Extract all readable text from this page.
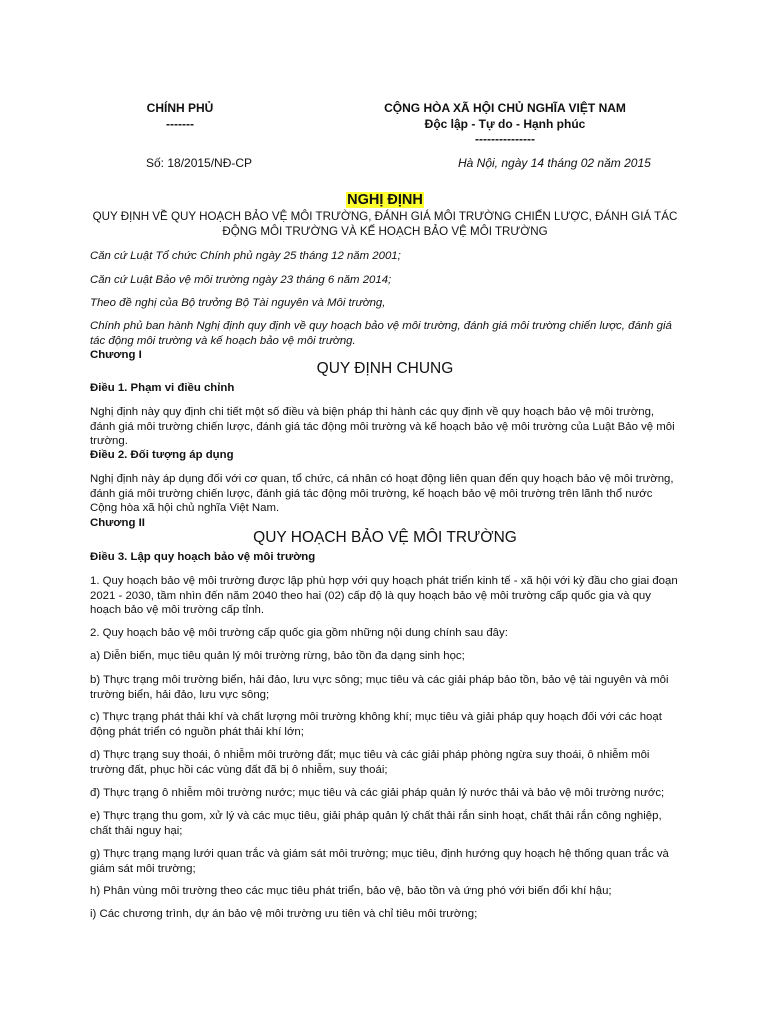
CHÍNH PHỦ
-------
CỘNG HÒA XÃ HỘI CHỦ NGHĨA VIỆT NAM
Độc lập - Tự do - Hạnh phúc
---------------
Số: 18/2015/NĐ-CP	Hà Nội, ngày 14 tháng 02 năm 2015
NGHỊ ĐỊNH
QUY ĐỊNH VỀ QUY HOẠCH BẢO VỆ MÔI TRƯỜNG, ĐÁNH GIÁ MÔI TRƯỜNG CHIẾN LƯỢC, ĐÁNH GIÁ TÁC ĐỘNG MÔI TRƯỜNG VÀ KẾ HOẠCH BẢO VỆ MÔI TRƯỜNG
Căn cứ Luật Tổ chức Chính phủ ngày 25 tháng 12 năm 2001;
Căn cứ Luật Bảo vệ môi trường ngày 23 tháng 6 năm 2014;
Theo đề nghị của Bộ trưởng Bộ Tài nguyên và Môi trường,
Chính phủ ban hành Nghị định quy định về quy hoạch bảo vệ môi trường, đánh giá môi trường chiến lược, đánh giá tác động môi trường và kế hoạch bảo vệ môi trường.
Chương I
QUY ĐỊNH CHUNG
Điều 1. Phạm vi điều chỉnh
Nghị định này quy định chi tiết một số điều và biện pháp thi hành các quy định về quy hoạch bảo vệ môi trường, đánh giá môi trường chiến lược, đánh giá tác động môi trường và kế hoạch bảo vệ môi trường của Luật Bảo vệ môi trường.
Điều 2. Đối tượng áp dụng
Nghị định này áp dụng đối với cơ quan, tổ chức, cá nhân có hoạt động liên quan đến quy hoạch bảo vệ môi trường, đánh giá môi trường chiến lược, đánh giá tác động môi trường, kế hoạch bảo vệ môi trường trên lãnh thổ nước Cộng hòa xã hội chủ nghĩa Việt Nam.
Chương II
QUY HOẠCH BẢO VỆ MÔI TRƯỜNG
Điều 3. Lập quy hoạch bảo vệ môi trường
1. Quy hoạch bảo vệ môi trường được lập phù hợp với quy hoạch phát triển kinh tế - xã hội với kỳ đầu cho giai đoạn 2021 - 2030, tầm nhìn đến năm 2040 theo hai (02) cấp độ là quy hoạch bảo vệ môi trường cấp quốc gia và quy hoạch bảo vệ môi trường cấp tỉnh.
2. Quy hoạch bảo vệ môi trường cấp quốc gia gồm những nội dung chính sau đây:
a) Diễn biến, mục tiêu quản lý môi trường rừng, bảo tồn đa dạng sinh học;
b) Thực trạng môi trường biển, hải đảo, lưu vực sông; mục tiêu và các giải pháp bảo tồn, bảo vệ tài nguyên và môi trường biển, hải đảo, lưu vực sông;
c) Thực trạng phát thải khí và chất lượng môi trường không khí; mục tiêu và giải pháp quy hoạch đối với các hoạt động phát triển có nguồn phát thải khí lớn;
d) Thực trạng suy thoái, ô nhiễm môi trường đất; mục tiêu và các giải pháp phòng ngừa suy thoái, ô nhiễm môi trường đất, phục hồi các vùng đất đã bị ô nhiễm, suy thoái;
đ) Thực trạng ô nhiễm môi trường nước; mục tiêu và các giải pháp quản lý nước thải và bảo vệ môi trường nước;
e) Thực trạng thu gom, xử lý và các mục tiêu, giải pháp quản lý chất thải rắn sinh hoạt, chất thải rắn công nghiệp, chất thải nguy hại;
g) Thực trạng mạng lưới quan trắc và giám sát môi trường; mục tiêu, định hướng quy hoạch hệ thống quan trắc và giám sát môi trường;
h) Phân vùng môi trường theo các mục tiêu phát triển, bảo vệ, bảo tồn và ứng phó với biến đổi khí hậu;
i) Các chương trình, dự án bảo vệ môi trường ưu tiên và chỉ tiêu môi trường;
